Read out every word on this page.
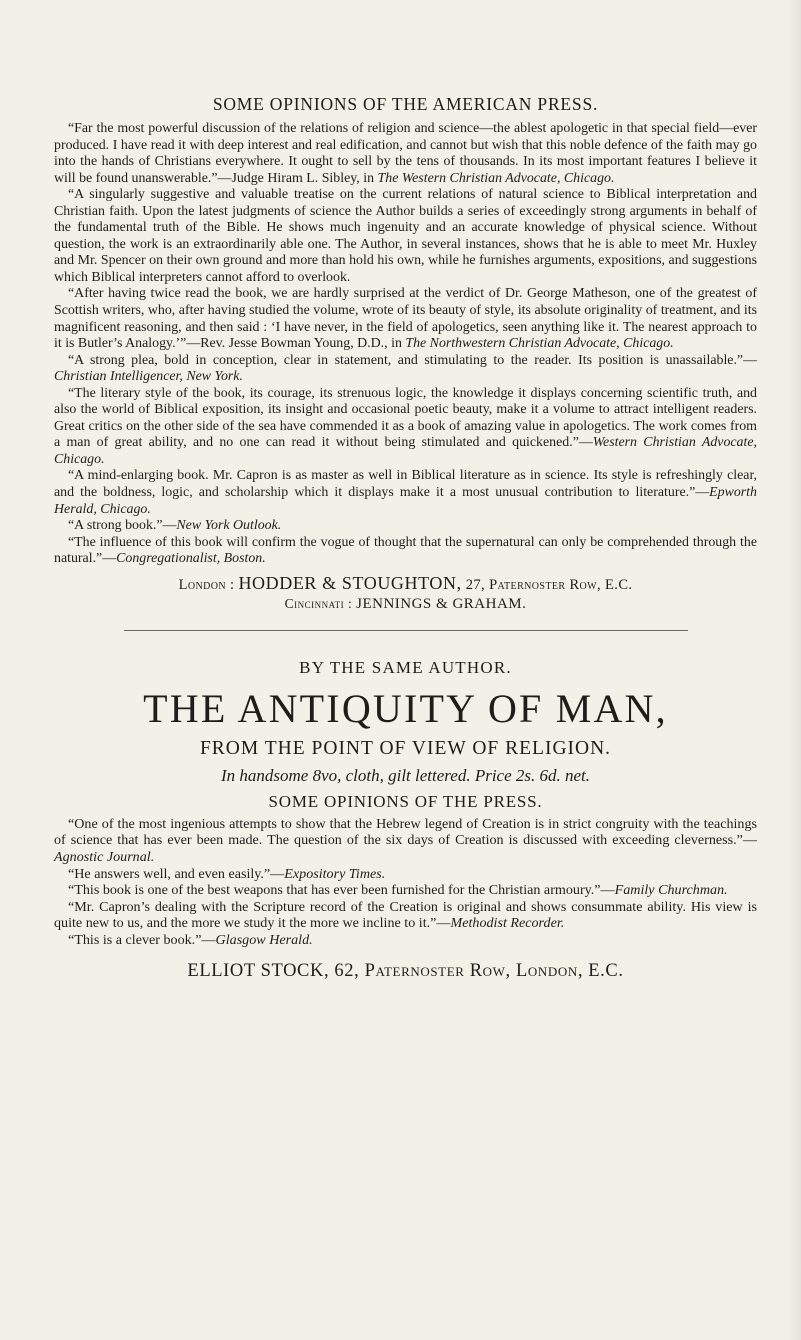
SOME OPINIONS OF THE AMERICAN PRESS.

“Far the most powerful discussion of the relations of religion and science—the ablest apologetic in that special field—ever produced. I have read it with deep interest and real edification, and cannot but wish that this noble defence of the faith may go into the hands of Christians everywhere. It ought to sell by the tens of thousands. In its most important features I believe it will be found unanswerable.”—Judge Hiram L. Sibley, in The Western Christian Advocate, Chicago.

“A singularly suggestive and valuable treatise on the current relations of natural science to Biblical interpretation and Christian faith. Upon the latest judgments of science the Author builds a series of exceedingly strong arguments in behalf of the fundamental truth of the Bible. He shows much ingenuity and an accurate knowledge of physical science. Without question, the work is an extraordinarily able one. The Author, in several instances, shows that he is able to meet Mr. Huxley and Mr. Spencer on their own ground and more than hold his own, while he furnishes arguments, expositions, and suggestions which Biblical interpreters cannot afford to overlook.

“After having twice read the book, we are hardly surprised at the verdict of Dr. George Matheson, one of the greatest of Scottish writers, who, after having studied the volume, wrote of its beauty of style, its absolute originality of treatment, and its magnificent reasoning, and then said : ‘I have never, in the field of apologetics, seen anything like it. The nearest approach to it is Butler’s Analogy.’”—Rev. Jesse Bowman Young, D.D., in The Northwestern Christian Advocate, Chicago.

“A strong plea, bold in conception, clear in statement, and stimulating to the reader. Its position is unassailable.”—Christian Intelligencer, New York.

“The literary style of the book, its courage, its strenuous logic, the knowledge it displays concerning scientific truth, and also the world of Biblical exposition, its insight and occasional poetic beauty, make it a volume to attract intelligent readers. Great critics on the other side of the sea have commended it as a book of amazing value in apologetics. The work comes from a man of great ability, and no one can read it without being stimulated and quickened.”—Western Christian Advocate, Chicago.

“A mind-enlarging book. Mr. Capron is as master as well in Biblical literature as in science. Its style is refreshingly clear, and the boldness, logic, and scholarship which it displays make it a most unusual contribution to literature.”—Epworth Herald, Chicago.

“A strong book.”—New York Outlook.

“The influence of this book will confirm the vogue of thought that the supernatural can only be comprehended through the natural.”—Congregationalist, Boston.

London : HODDER & STOUGHTON, 27, Paternoster Row, E.C.
Cincinnati : JENNINGS & GRAHAM.
BY THE SAME AUTHOR.
THE ANTIQUITY OF MAN,
FROM THE POINT OF VIEW OF RELIGION.
In handsome 8vo, cloth, gilt lettered. Price 2s. 6d. net.
SOME OPINIONS OF THE PRESS.

“One of the most ingenious attempts to show that the Hebrew legend of Creation is in strict congruity with the teachings of science that has ever been made. The question of the six days of Creation is discussed with exceeding cleverness.”—Agnostic Journal.

“He answers well, and even easily.”—Expository Times.

“This book is one of the best weapons that has ever been furnished for the Christian armoury.”—Family Churchman.

“Mr. Capron’s dealing with the Scripture record of the Creation is original and shows consummate ability. His view is quite new to us, and the more we study it the more we incline to it.”—Methodist Recorder.

“This is a clever book.”—Glasgow Herald.

ELLIOT STOCK, 62, Paternoster Row, London, E.C.
